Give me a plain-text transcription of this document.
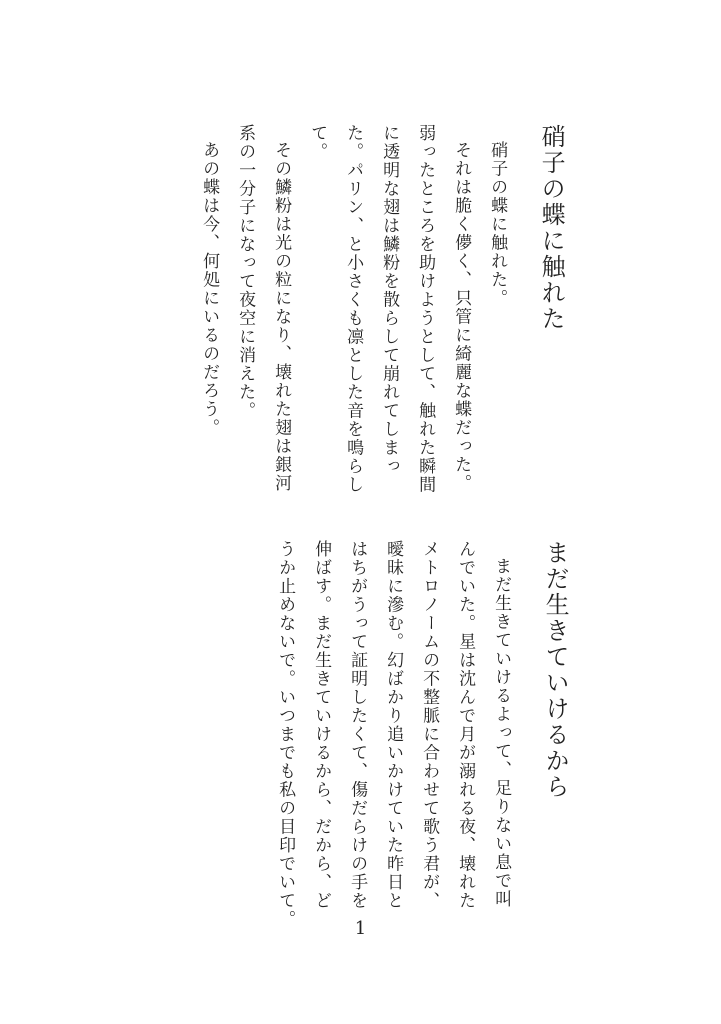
硝子の蝶に触れた

硝子の蝶に触れた。

それは脆く儚く、只管に綺麗な蝶だった。
弱ったところを助けようとして、触れた瞬間
に透明な翅は鱗粉を散らして崩れてしまっ
た。パリン、と小さくも凛とした音を鳴らし
て。

その鱗粉は光の粒になり、壊れた翅は銀河
系の一分子になって夜空に消えた。

あの蝶は今、何処にいるのだろう。

まだ生きていけるから

まだ生きていけるよって、足りない息で叫
んでいた。星は沈んで月が溺れる夜、壊れた
メトロノームの不整脈に合わせて歌う君が、
曖昧に滲む。幻ばかり追いかけていた昨日と
はちがうって証明したくて、傷だらけの手を
伸ばす。まだ生きていけるから、だから、ど
うか止めないで。いつまでも私の目印でいて。	1
